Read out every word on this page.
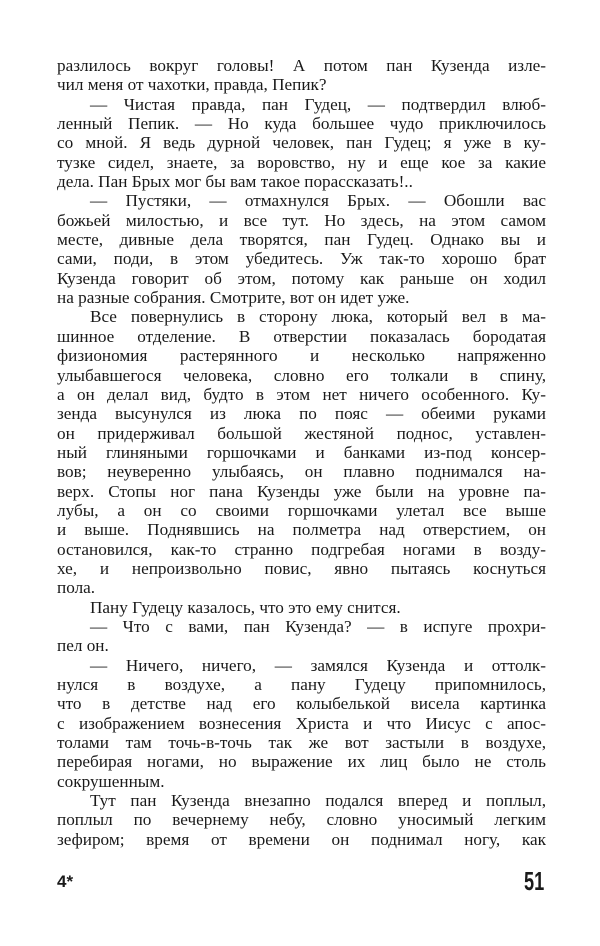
разлилось вокруг головы! А потом пан Кузенда изле-
чил меня от чахотки, правда, Пепик?
— Чистая правда, пан Гудец, — подтвердил влюб-
ленный Пепик. — Но куда большее чудо приключилось
со мной. Я ведь дурной человек, пан Гудец; я уже в ку-
тузке сидел, знаете, за воровство, ну и еще кое за какие
дела. Пан Брых мог бы вам такое порассказать!..
— Пустяки, — отмахнулся Брых. — Обошли вас
божьей милостью, и все тут. Но здесь, на этом самом
месте, дивные дела творятся, пан Гудец. Однако вы и
сами, поди, в этом убедитесь. Уж так-то хорошо брат
Кузенда говорит об этом, потому как раньше он ходил
на разные собрания. Смотрите, вот он идет уже.
Все повернулись в сторону люка, который вел в ма-
шинное отделение. В отверстии показалась бородатая
физиономия растерянного и несколько напряженно
улыбавшегося человека, словно его толкали в спину,
а он делал вид, будто в этом нет ничего особенного. Ку-
зенда высунулся из люка по пояс — обеими руками
он придерживал большой жестяной поднос, уставлен-
ный глиняными горшочками и банками из-под консер-
вов; неуверенно улыбаясь, он плавно поднимался на-
верх. Стопы ног пана Кузенды уже были на уровне па-
лубы, а он со своими горшочками улетал все выше
и выше. Поднявшись на полметра над отверстием, он
остановился, как-то странно подгребая ногами в возду-
хе, и непроизвольно повис, явно пытаясь коснуться
пола.
Пану Гудецу казалось, что это ему снится.
— Что с вами, пан Кузенда? — в испуге прохри-
пел он.
— Ничего, ничего, — замялся Кузенда и оттолк-
нулся в воздухе, а пану Гудецу припомнилось,
что в детстве над его колыбелькой висела картинка
с изображением вознесения Христа и что Иисус с апос-
толами там точь-в-точь так же вот застыли в воздухе,
перебирая ногами, но выражение их лиц было не столь
сокрушенным.
Тут пан Кузенда внезапно подался вперед и поплыл,
поплыл по вечернему небу, словно уносимый легким
зефиром; время от времени он поднимал ногу, как
4*	51
